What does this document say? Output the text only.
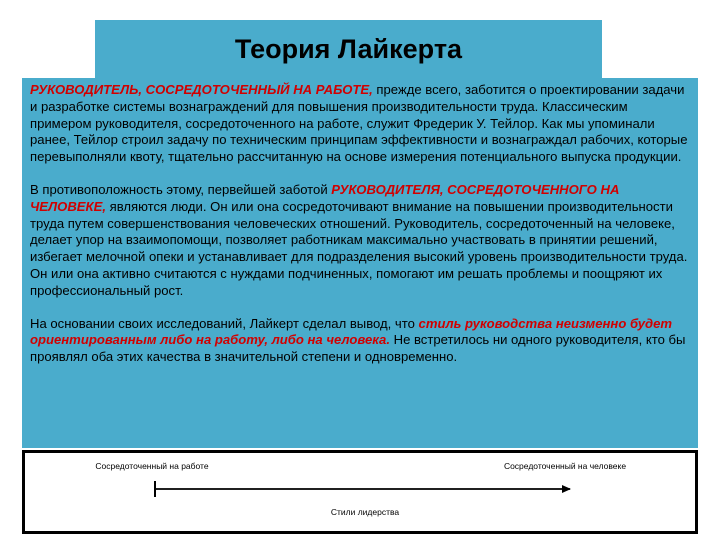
Теория Лайкерта

РУКОВОДИТЕЛЬ, СОСРЕДОТОЧЕННЫЙ НА РАБОТЕ, прежде всего, заботится о проектировании задачи и разработке системы вознаграждений для повышения производительности труда. Классическим примером руководителя, сосредоточенного на работе, служит Фредерик У. Тейлор. Как мы упоминали ранее, Тейлор строил задачу по техническим принципам эффективности и вознаграждал рабочих, которые перевыполняли квоту, тщательно рассчитанную на основе измерения потенциального выпуска продукции.

В противоположность этому, первейшей заботой РУКОВОДИТЕЛЯ, СОСРЕДОТОЧЕННОГО НА ЧЕЛОВЕКЕ, являются люди. Он или она сосредоточивают внимание на повышении производительности труда путем совершенствования человеческих отношений. Руководитель, сосредоточенный на человеке, делает упор на взаимопомощи, позволяет работникам максимально участвовать в принятии решений, избегает мелочной опеки и устанавливает для подразделения высокий уровень производительности труда. Он или она активно считаются с нуждами подчиненных, помогают им решать проблемы и поощряют их профессиональный рост.

На основании своих исследований, Лайкерт сделал вывод, что стиль руководства неизменно будет ориентированным либо на работу, либо на человека. Не встретилось ни одного руководителя, кто бы проявлял оба этих качества в значительной степени и одновременно.

Сосредоточенный на работе	Сосредоточенный на человеке
Стили лидерства
